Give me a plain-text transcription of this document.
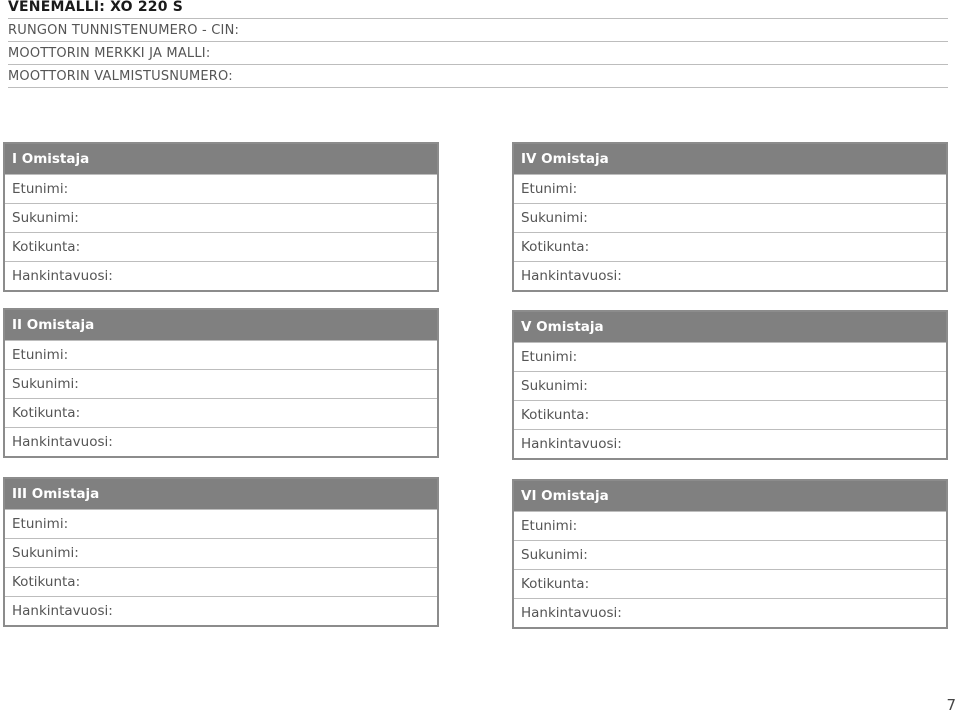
VENEMALLI: XO 220 S
RUNGON TUNNISTENUMERO - CIN:
MOOTTORIN MERKKI JA MALLI:
MOOTTORIN VALMISTUSNUMERO:
I Omistaja
Etunimi:
Sukunimi:
Kotikunta:
Hankintavuosi:
II Omistaja
Etunimi:
Sukunimi:
Kotikunta:
Hankintavuosi:
III Omistaja
Etunimi:
Sukunimi:
Kotikunta:
Hankintavuosi:
IV Omistaja
Etunimi:
Sukunimi:
Kotikunta:
Hankintavuosi:
V Omistaja
Etunimi:
Sukunimi:
Kotikunta:
Hankintavuosi:
VI Omistaja
Etunimi:
Sukunimi:
Kotikunta:
Hankintavuosi:
7
